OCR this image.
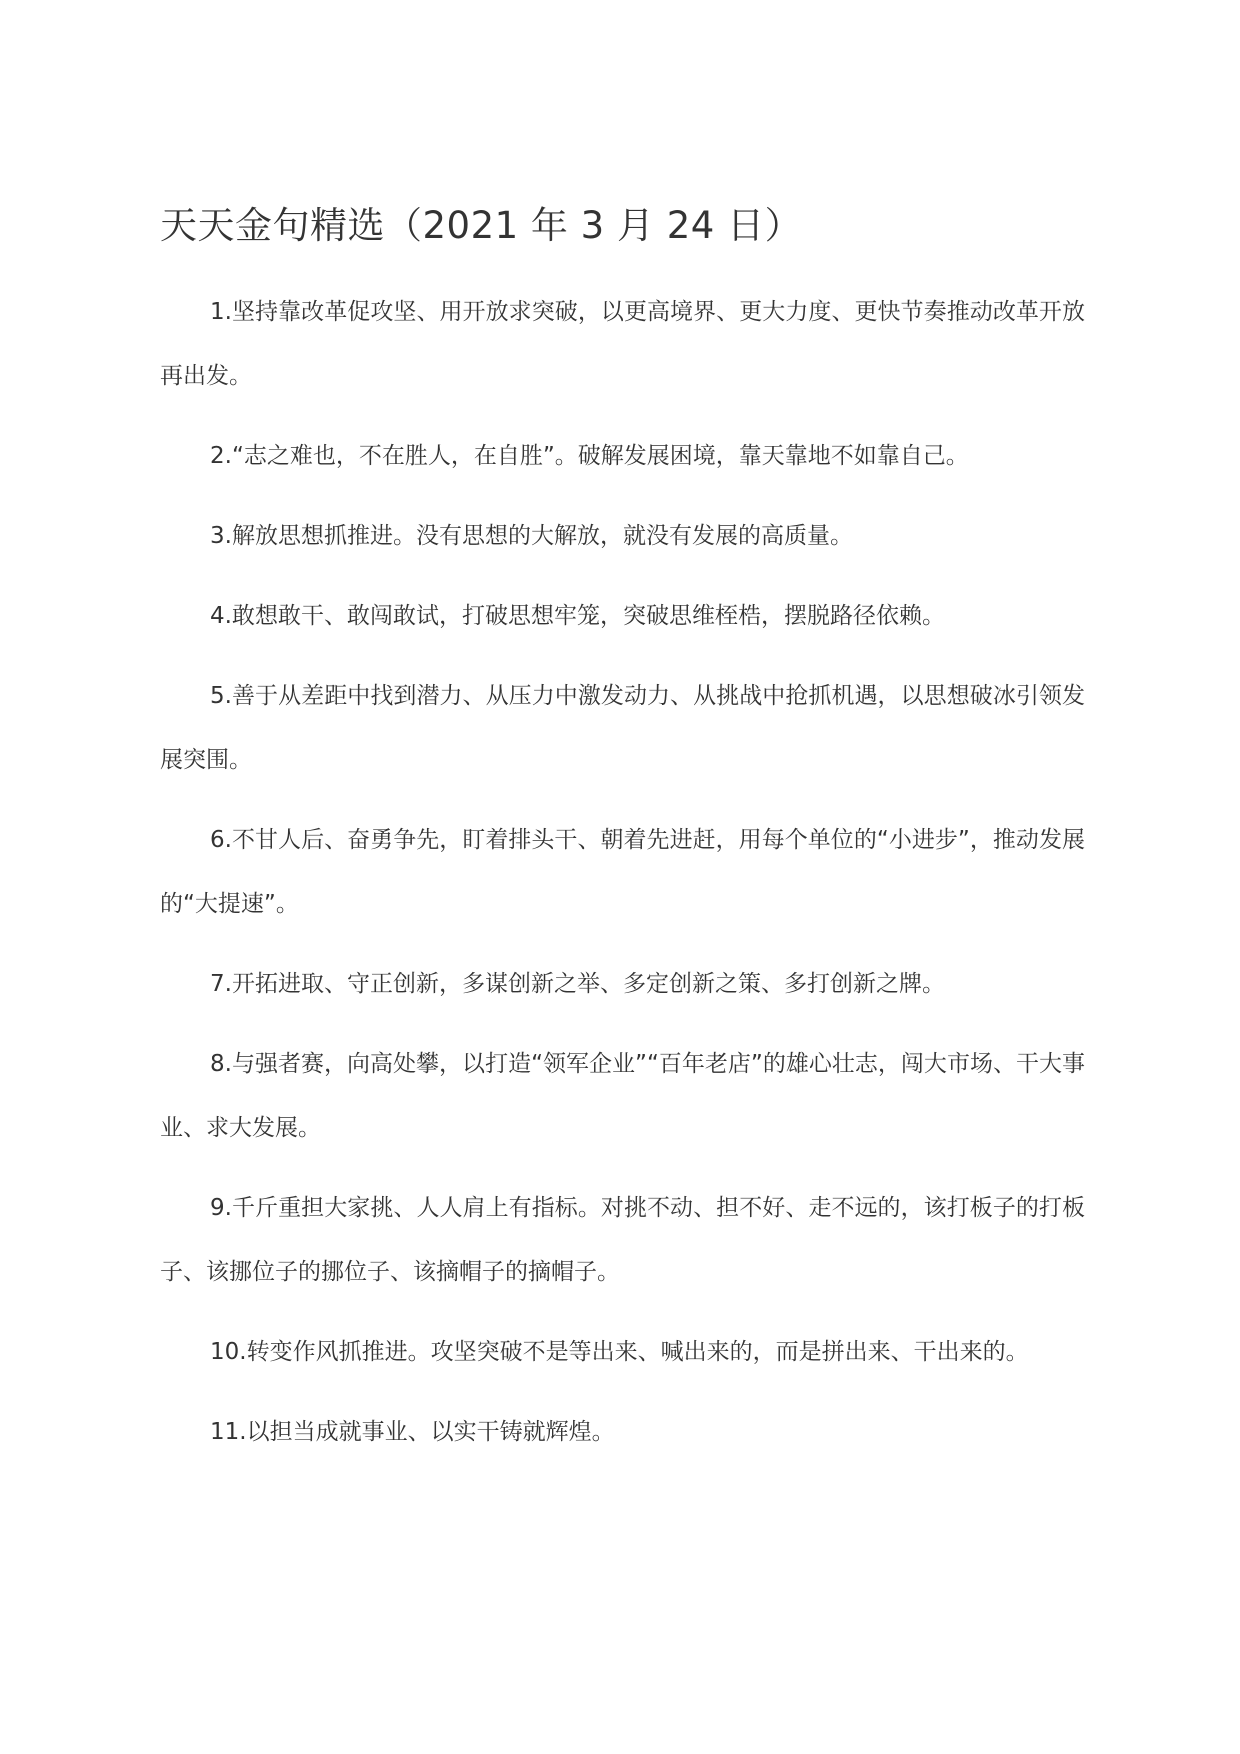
天天金句精选（2021 年 3 月 24 日）

1.坚持靠改革促攻坚、用开放求突破，以更高境界、更大力度、更快节奏推动改革开放再出发。

2.“志之难也，不在胜人，在自胜”。破解发展困境，靠天靠地不如靠自己。

3.解放思想抓推进。没有思想的大解放，就没有发展的高质量。

4.敢想敢干、敢闯敢试，打破思想牢笼，突破思维桎梏，摆脱路径依赖。

5.善于从差距中找到潜力、从压力中激发动力、从挑战中抢抓机遇，以思想破冰引领发展突围。

6.不甘人后、奋勇争先，盯着排头干、朝着先进赶，用每个单位的“小进步”，推动发展的“大提速”。

7.开拓进取、守正创新，多谋创新之举、多定创新之策、多打创新之牌。

8.与强者赛，向高处攀，以打造“领军企业”“百年老店”的雄心壮志，闯大市场、干大事业、求大发展。

9.千斤重担大家挑、人人肩上有指标。对挑不动、担不好、走不远的，该打板子的打板子、该挪位子的挪位子、该摘帽子的摘帽子。

10.转变作风抓推进。攻坚突破不是等出来、喊出来的，而是拼出来、干出来的。

11.以担当成就事业、以实干铸就辉煌。
